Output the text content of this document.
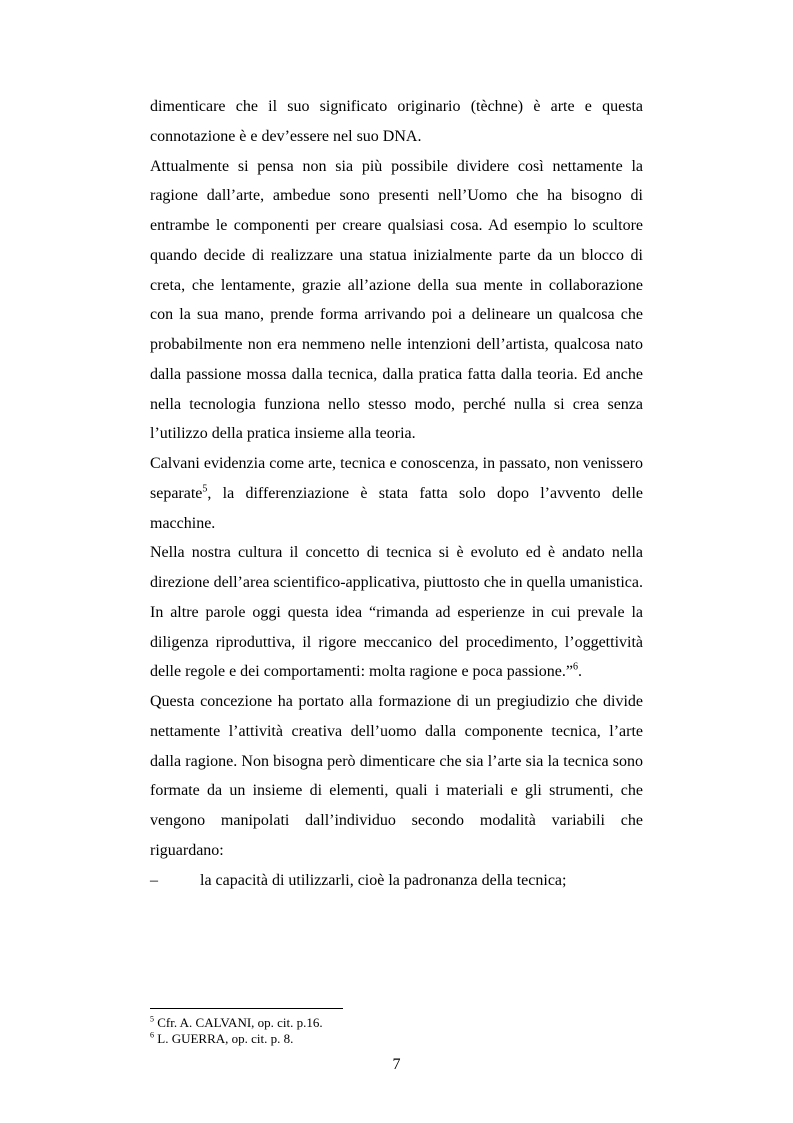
dimenticare che il suo significato originario (tèchne) è arte e questa connotazione è e dev’essere nel suo DNA.

Attualmente si pensa non sia più possibile dividere così nettamente la ragione dall’arte, ambedue sono presenti nell’Uomo che ha bisogno di entrambe le componenti per creare qualsiasi cosa. Ad esempio lo scultore quando decide di realizzare una statua inizialmente parte da un blocco di creta, che lentamente, grazie all’azione della sua mente in collaborazione con la sua mano, prende forma arrivando poi a delineare un qualcosa che probabilmente non era nemmeno nelle intenzioni dell’artista, qualcosa nato dalla passione mossa dalla tecnica, dalla pratica fatta dalla teoria. Ed anche nella tecnologia funziona nello stesso modo, perché nulla si crea senza l’utilizzo della pratica insieme alla teoria.

Calvani evidenzia come arte, tecnica e conoscenza, in passato, non venissero separate$^5$, la differenziazione è stata fatta solo dopo l’avvento delle macchine.

Nella nostra cultura il concetto di tecnica si è evoluto ed è andato nella direzione dell’area scientifico-applicativa, piuttosto che in quella umanistica. In altre parole oggi questa idea “rimanda ad esperienze in cui prevale la diligenza riproduttiva, il rigore meccanico del procedimento, l’oggettività delle regole e dei comportamenti: molta ragione e poca passione.”$^6$.

Questa concezione ha portato alla formazione di un pregiudizio che divide nettamente l’attività creativa dell’uomo dalla componente tecnica, l’arte dalla ragione. Non bisogna però dimenticare che sia l’arte sia la tecnica sono formate da un insieme di elementi, quali i materiali e gli strumenti, che vengono manipolati dall’individuo secondo modalità variabili che riguardano:

–	la capacità di utilizzarli, cioè la padronanza della tecnica;

$^5$ Cfr. A. CALVANI, op. cit. p.16.
$^6$ L. GUERRA, op. cit. p. 8.
7
